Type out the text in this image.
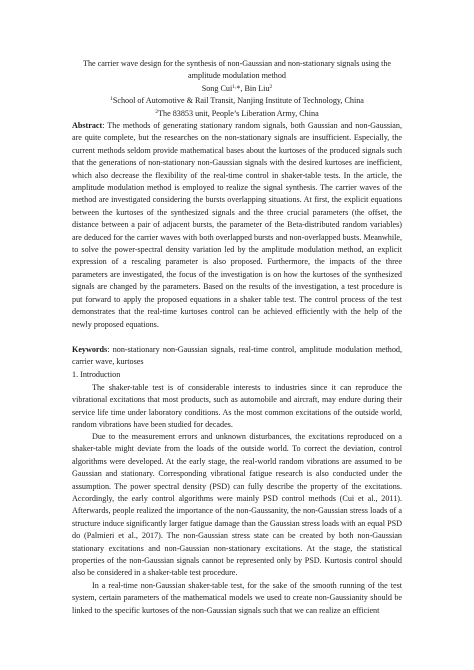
The carrier wave design for the synthesis of non-Gaussian and non-stationary signals using the amplitude modulation method
Song Cui$^{1,}$*, Bin Liu$^2$
$^1$School of Automotive & Rail Transit, Nanjing Institute of Technology, China
$^2$The 83853 unit, People’s Liberation Army, China
Abstract: The methods of generating stationary random signals, both Gaussian and non-Gaussian, are quite complete, but the researches on the non-stationary signals are insufficient. Especially, the current methods seldom provide mathematical bases about the kurtoses of the produced signals such that the generations of non-stationary non-Gaussian signals with the desired kurtoses are inefficient, which also decrease the flexibility of the real-time control in shaker-table tests. In the article, the amplitude modulation method is employed to realize the signal synthesis. The carrier waves of the method are investigated considering the bursts overlapping situations. At first, the explicit equations between the kurtoses of the synthesized signals and the three crucial parameters (the offset, the distance between a pair of adjacent bursts, the parameter of the Beta-distributed random variables) are deduced for the carrier waves with both overlapped bursts and non-overlapped busts. Meanwhile, to solve the power-spectral density variation led by the amplitude modulation method, an explicit expression of a rescaling parameter is also proposed. Furthermore, the impacts of the three parameters are investigated, the focus of the investigation is on how the kurtoses of the synthesized signals are changed by the parameters. Based on the results of the investigation, a test procedure is put forward to apply the proposed equations in a shaker table test. The control process of the test demonstrates that the real-time kurtoses control can be achieved efficiently with the help of the newly proposed equations.
Keywords: non-stationary non-Gaussian signals, real-time control, amplitude modulation method, carrier wave, kurtoses
1. Introduction
The shaker-table test is of considerable interests to industries since it can reproduce the vibrational excitations that most products, such as automobile and aircraft, may endure during their service life time under laboratory conditions. As the most common excitations of the outside world, random vibrations have been studied for decades.
Due to the measurement errors and unknown disturbances, the excitations reproduced on a shaker-table might deviate from the loads of the outside world. To correct the deviation, control algorithms were developed. At the early stage, the real-world random vibrations are assumed to be Gaussian and stationary. Corresponding vibrational fatigue research is also conducted under the assumption. The power spectral density (PSD) can fully describe the property of the excitations. Accordingly, the early control algorithms were mainly PSD control methods (Cui et al., 2011). Afterwards, people realized the importance of the non-Gaussanity, the non-Gaussian stress loads of a structure induce significantly larger fatigue damage than the Gaussian stress loads with an equal PSD do (Palmieri et al., 2017). The non-Gaussian stress state can be created by both non-Gaussian stationary excitations and non-Gaussian non-stationary excitations. At the stage, the statistical properties of the non-Gaussian signals cannot be represented only by PSD. Kurtosis control should also be considered in a shaker-table test procedure.
In a real-time non-Gaussian shaker-table test, for the sake of the smooth running of the test system, certain parameters of the mathematical models we used to create non-Gaussianity should be linked to the specific kurtoses of the non-Gaussian signals such that we can realize an efficient
